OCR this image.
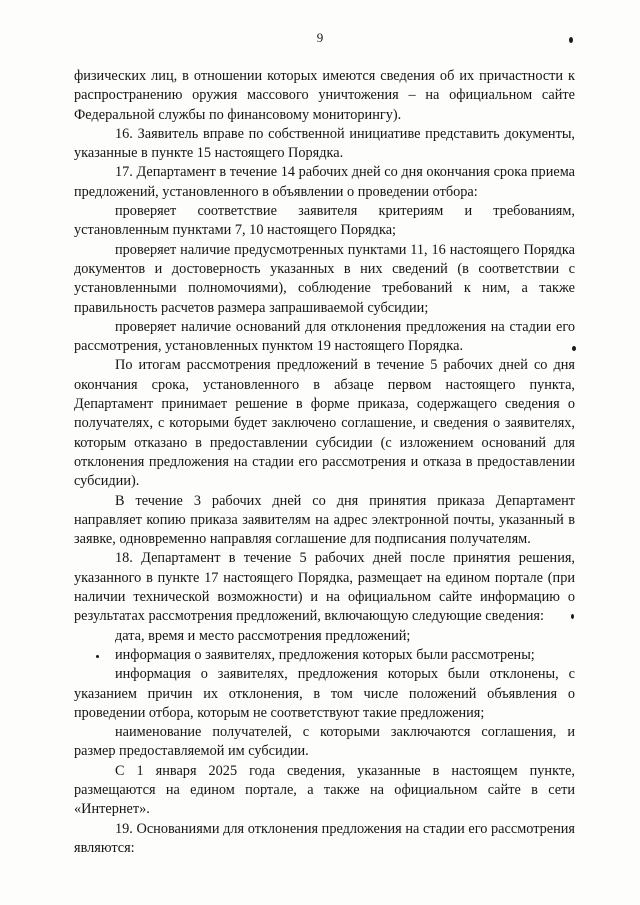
9

физических лиц, в отношении которых имеются сведения об их причастности к распространению оружия массового уничтожения – на официальном сайте Федеральной службы по финансовому мониторингу).

16. Заявитель вправе по собственной инициативе представить документы, указанные в пункте 15 настоящего Порядка.

17. Департамент в течение 14 рабочих дней со дня окончания срока приема предложений, установленного в объявлении о проведении отбора:

проверяет соответствие заявителя критериям и требованиям, установленным пунктами 7, 10 настоящего Порядка;

проверяет наличие предусмотренных пунктами 11, 16 настоящего Порядка документов и достоверность указанных в них сведений (в соответствии с установленными полномочиями), соблюдение требований к ним, а также правильность расчетов размера запрашиваемой субсидии;

проверяет наличие оснований для отклонения предложения на стадии его рассмотрения, установленных пунктом 19 настоящего Порядка.

По итогам рассмотрения предложений в течение 5 рабочих дней со дня окончания срока, установленного в абзаце первом настоящего пункта, Департамент принимает решение в форме приказа, содержащего сведения о получателях, с которыми будет заключено соглашение, и сведения о заявителях, которым отказано в предоставлении субсидии (с изложением оснований для отклонения предложения на стадии его рассмотрения и отказа в предоставлении субсидии).

В течение 3 рабочих дней со дня принятия приказа Департамент направляет копию приказа заявителям на адрес электронной почты, указанный в заявке, одновременно направляя соглашение для подписания получателям.

18. Департамент в течение 5 рабочих дней после принятия решения, указанного в пункте 17 настоящего Порядка, размещает на едином портале (при наличии технической возможности) и на официальном сайте информацию о результатах рассмотрения предложений, включающую следующие сведения:

дата, время и место рассмотрения предложений;

информация о заявителях, предложения которых были рассмотрены;

информация о заявителях, предложения которых были отклонены, с указанием причин их отклонения, в том числе положений объявления о проведении отбора, которым не соответствуют такие предложения;

наименование получателей, с которыми заключаются соглашения, и размер предоставляемой им субсидии.

С 1 января 2025 года сведения, указанные в настоящем пункте, размещаются на едином портале, а также на официальном сайте в сети «Интернет».

19. Основаниями для отклонения предложения на стадии его рассмотрения являются:
